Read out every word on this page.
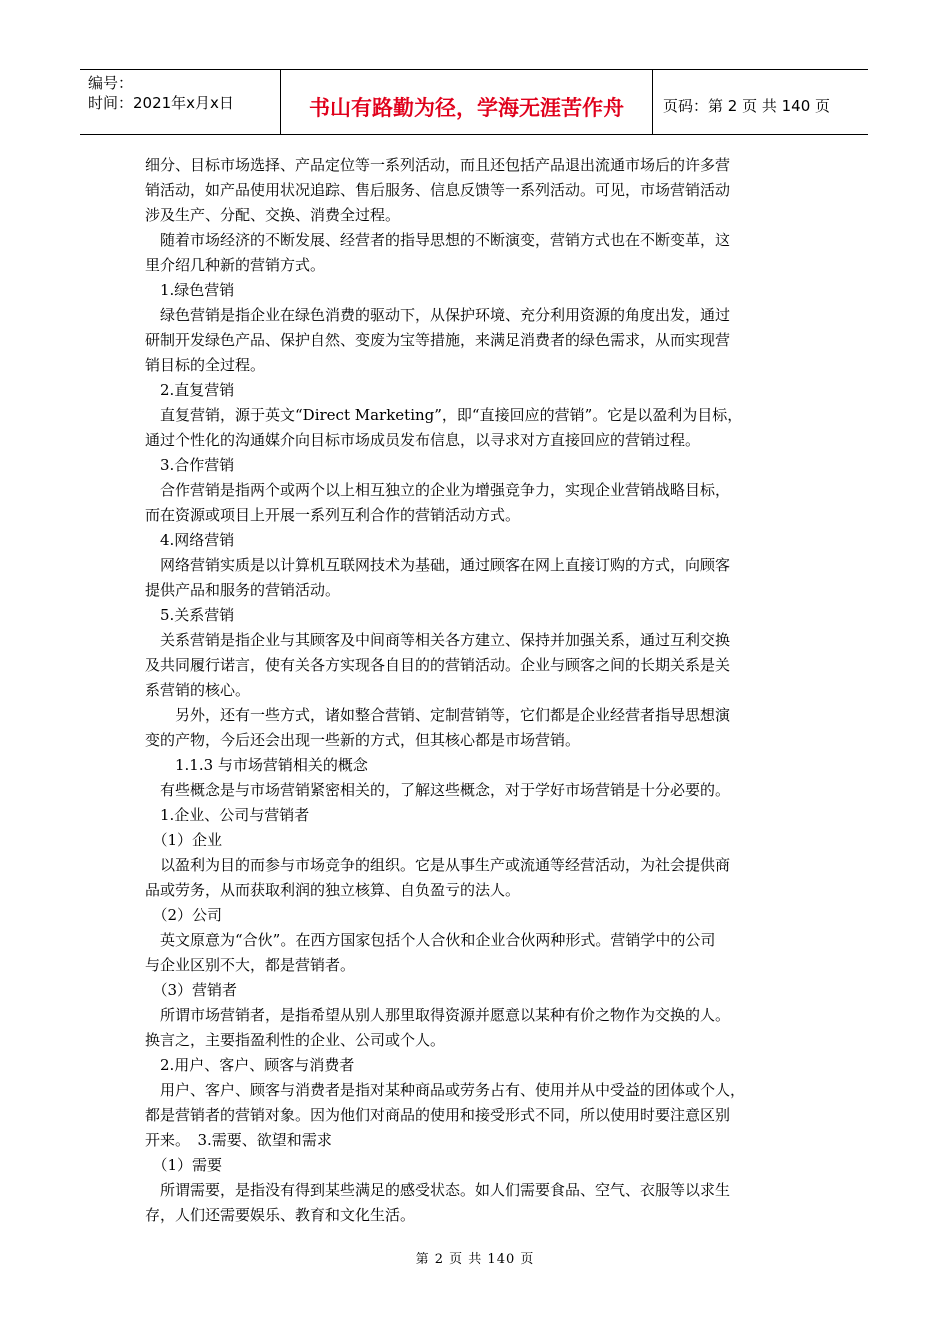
编号：
时间：2021年x月x日	书山有路勤为径，学海无涯苦作舟	页码：第 2 页 共 140 页
细分、目标市场选择、产品定位等一系列活动，而且还包括产品退出流通市场后的许多营
销活动，如产品使用状况追踪、售后服务、信息反馈等一系列活动。可见，市场营销活动
涉及生产、分配、交换、消费全过程。
　随着市场经济的不断发展、经营者的指导思想的不断演变，营销方式也在不断变革，这
里介绍几种新的营销方式。
　1.绿色营销
　绿色营销是指企业在绿色消费的驱动下，从保护环境、充分利用资源的角度出发，通过
研制开发绿色产品、保护自然、变废为宝等措施，来满足消费者的绿色需求，从而实现营
销目标的全过程。
　2.直复营销
　直复营销，源于英文“Direct Marketing”，即“直接回应的营销”。它是以盈利为目标，
通过个性化的沟通媒介向目标市场成员发布信息，以寻求对方直接回应的营销过程。
　3.合作营销
　合作营销是指两个或两个以上相互独立的企业为增强竞争力，实现企业营销战略目标，
而在资源或项目上开展一系列互利合作的营销活动方式。
　4.网络营销
　网络营销实质是以计算机互联网技术为基础，通过顾客在网上直接订购的方式，向顾客
提供产品和服务的营销活动。
　5.关系营销
　关系营销是指企业与其顾客及中间商等相关各方建立、保持并加强关系，通过互利交换
及共同履行诺言，使有关各方实现各自目的的营销活动。企业与顾客之间的长期关系是关
系营销的核心。
　　另外，还有一些方式，诸如整合营销、定制营销等，它们都是企业经营者指导思想演
变的产物，今后还会出现一些新的方式，但其核心都是市场营销。
　　1.1.3 与市场营销相关的概念
　有些概念是与市场营销紧密相关的，了解这些概念，对于学好市场营销是十分必要的。
　1.企业、公司与营销者
　（1）企业
　以盈利为目的而参与市场竞争的组织。它是从事生产或流通等经营活动，为社会提供商
品或劳务，从而获取利润的独立核算、自负盈亏的法人。
　（2）公司
　英文原意为“合伙”。在西方国家包括个人合伙和企业合伙两种形式。营销学中的公司
与企业区别不大，都是营销者。
　（3）营销者
　所谓市场营销者，是指希望从别人那里取得资源并愿意以某种有价之物作为交换的人。
换言之，主要指盈利性的企业、公司或个人。
　2.用户、客户、顾客与消费者
　用户、客户、顾客与消费者是指对某种商品或劳务占有、使用并从中受益的团体或个人，
都是营销者的营销对象。因为他们对商品的使用和接受形式不同，所以使用时要注意区别
开来。　3.需要、欲望和需求
　（1）需要
　所谓需要，是指没有得到某些满足的感受状态。如人们需要食品、空气、衣服等以求生
存，人们还需要娱乐、教育和文化生活。
第 2 页 共 140 页
